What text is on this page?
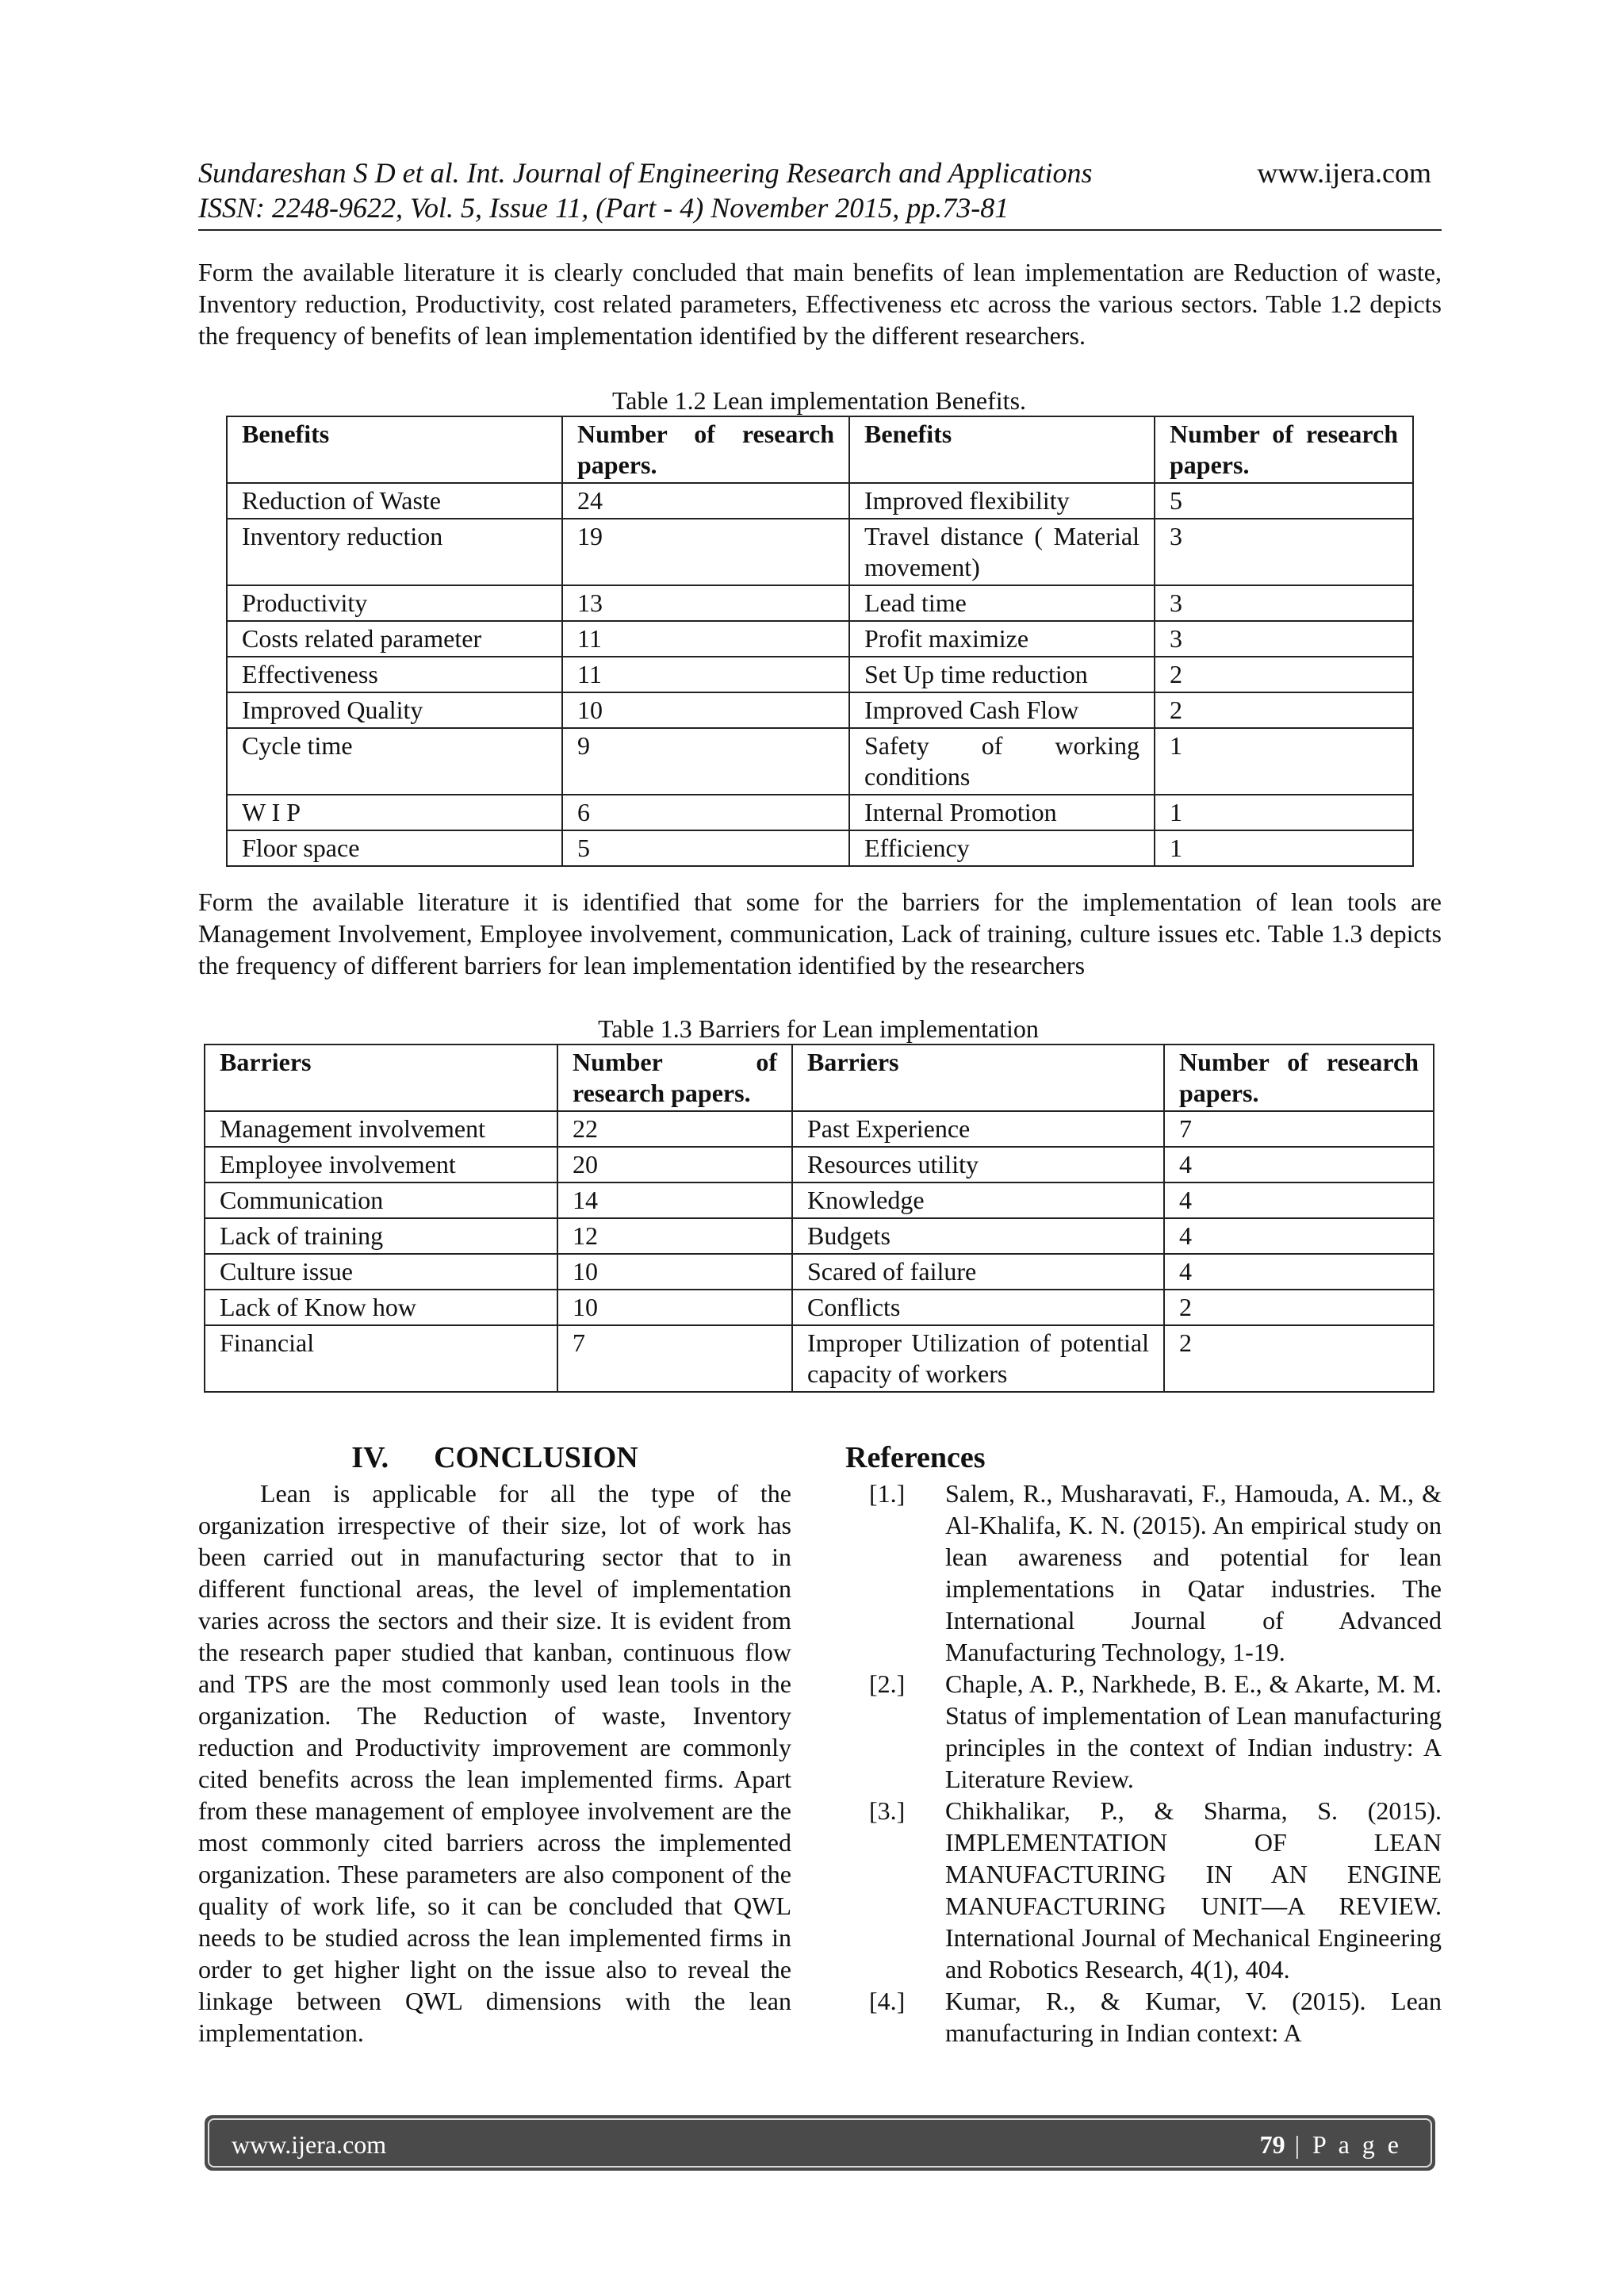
Sundareshan S D et al. Int. Journal of Engineering Research and Applications
ISSN: 2248-9622, Vol. 5, Issue 11, (Part - 4) November 2015, pp.73-81
www.ijera.com

Form the available literature it is clearly concluded that main benefits of lean implementation are Reduction of waste, Inventory reduction, Productivity, cost related parameters, Effectiveness etc across the various sectors. Table 1.2 depicts the frequency of benefits of lean implementation identified by the different researchers.

Table 1.2 Lean implementation Benefits.
Benefits	Number of research papers.	Benefits	Number of research papers.
Reduction of Waste	24	Improved flexibility	5
Inventory reduction	19	Travel distance ( Material movement)	3
Productivity	13	Lead time	3
Costs related parameter	11	Profit maximize	3
Effectiveness	11	Set Up time reduction	2
Improved Quality	10	Improved Cash Flow	2
Cycle time	9	Safety of working conditions	1
W I P	6	Internal Promotion	1
Floor space	5	Efficiency	1

Form the available literature it is identified that some for the barriers for the implementation of lean tools are Management Involvement, Employee involvement, communication, Lack of training, culture issues etc. Table 1.3 depicts the frequency of different barriers for lean implementation identified by the researchers

Table 1.3 Barriers for Lean implementation
Barriers	Number of research papers.	Barriers	Number of research papers.
Management involvement	22	Past Experience	7
Employee involvement	20	Resources utility	4
Communication	14	Knowledge	4
Lack of training	12	Budgets	4
Culture issue	10	Scared of failure	4
Lack of Know how	10	Conflicts	2
Financial	7	Improper Utilization of potential capacity of workers	2
IV.      CONCLUSION
Lean is applicable for all the type of the organization irrespective of their size, lot of work has been carried out in manufacturing sector that to in different functional areas, the level of implementation varies across the sectors and their size. It is evident from the research paper studied that kanban, continuous flow and TPS are the most commonly used lean tools in the organization. The Reduction of waste, Inventory reduction and Productivity improvement are commonly cited benefits across the lean implemented firms. Apart from these management of employee involvement are the most commonly cited barriers across the implemented organization. These parameters are also component of the quality of work life, so it can be concluded that QWL needs to be studied across the lean implemented firms in order to get higher light on the issue also to reveal the linkage between QWL dimensions with the lean implementation.
References
[1.]	Salem, R., Musharavati, F., Hamouda, A. M., & Al-Khalifa, K. N. (2015). An empirical study on lean awareness and potential for lean implementations in Qatar industries. The International Journal of Advanced Manufacturing Technology, 1-19.
[2.]	Chaple, A. P., Narkhede, B. E., & Akarte, M. M. Status of implementation of Lean manufacturing principles in the context of Indian industry: A Literature Review.
[3.]	Chikhalikar, P., & Sharma, S. (2015). IMPLEMENTATION OF LEAN MANUFACTURING IN AN ENGINE MANUFACTURING UNIT—A REVIEW. International Journal of Mechanical Engineering and Robotics Research, 4(1), 404.
[4.]	Kumar, R., & Kumar, V. (2015). Lean manufacturing in Indian context: A
www.ijera.com	79 | P a g e
